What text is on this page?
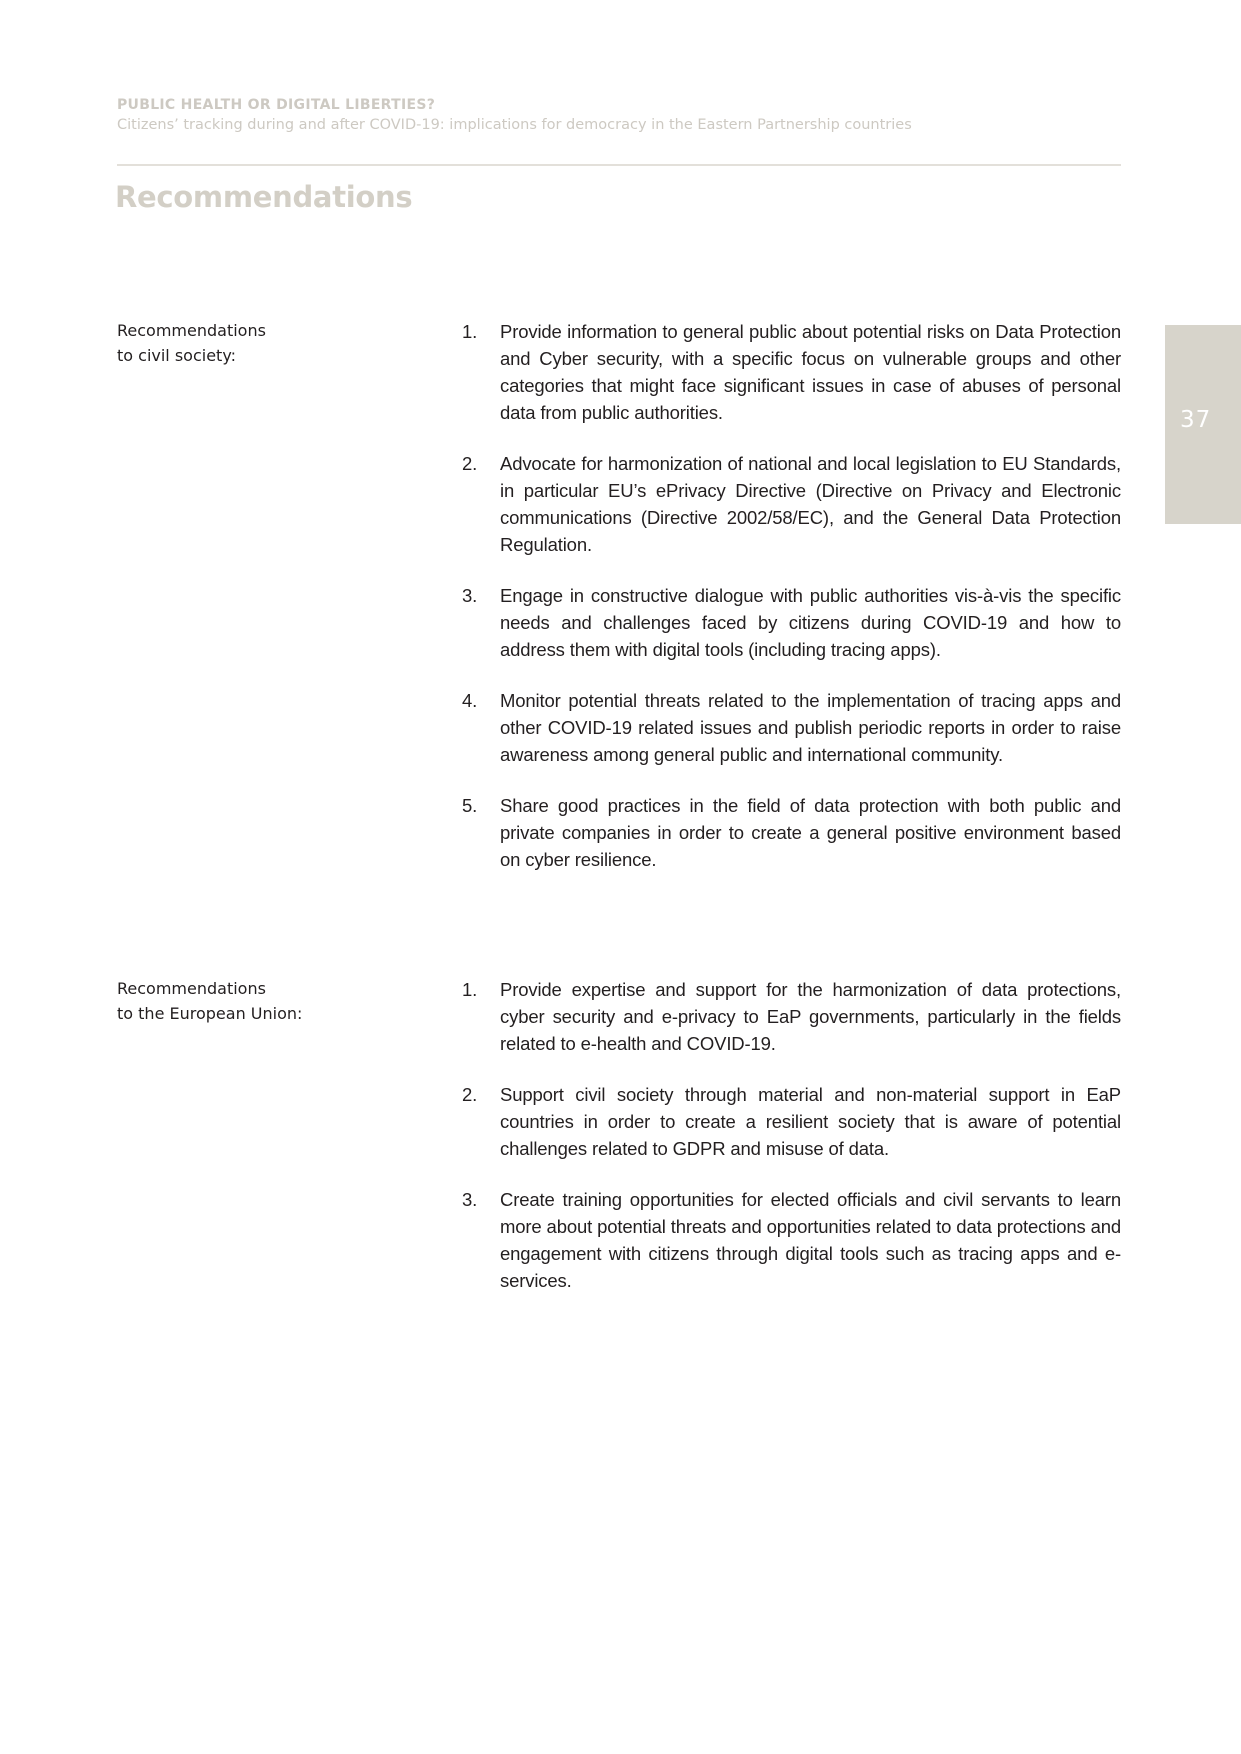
PUBLIC HEALTH OR DIGITAL LIBERTIES?
Citizens’ tracking during and after COVID-19: implications for democracy in the Eastern Partnership countries
Recommendations
37
Recommendations
to civil society:
1.	Provide information to general public about potential risks on Data Protection and Cyber security, with a specific focus on vulnerable groups and other categories that might face significant issues in case of abuses of personal data from public authorities.
2.	Advocate for harmonization of national and local legislation to EU Standards, in particular EU’s ePrivacy Directive (Directive on Privacy and Electronic communications (Directive 2002/58/EC), and the General Data Protection Regulation.
3.	Engage in constructive dialogue with public authorities vis-à-vis the specific needs and challenges faced by citizens during COVID-19 and how to address them with digital tools (including tracing apps).
4.	Monitor potential threats related to the implementation of tracing apps and other COVID-19 related issues and publish periodic reports in order to raise awareness among general public and international community.
5.	Share good practices in the field of data protection with both public and private companies in order to create a general positive environment based on cyber resilience.
Recommendations
to the European Union:
1.	Provide expertise and support for the harmonization of data protections, cyber security and e-privacy to EaP governments, particularly in the fields related to e-health and COVID-19.
2.	Support civil society through material and non-material support in EaP countries in order to create a resilient society that is aware of potential challenges related to GDPR and misuse of data.
3.	Create training opportunities for elected officials and civil servants to learn more about potential threats and opportunities related to data protections and engagement with citizens through digital tools such as tracing apps and e-services.
